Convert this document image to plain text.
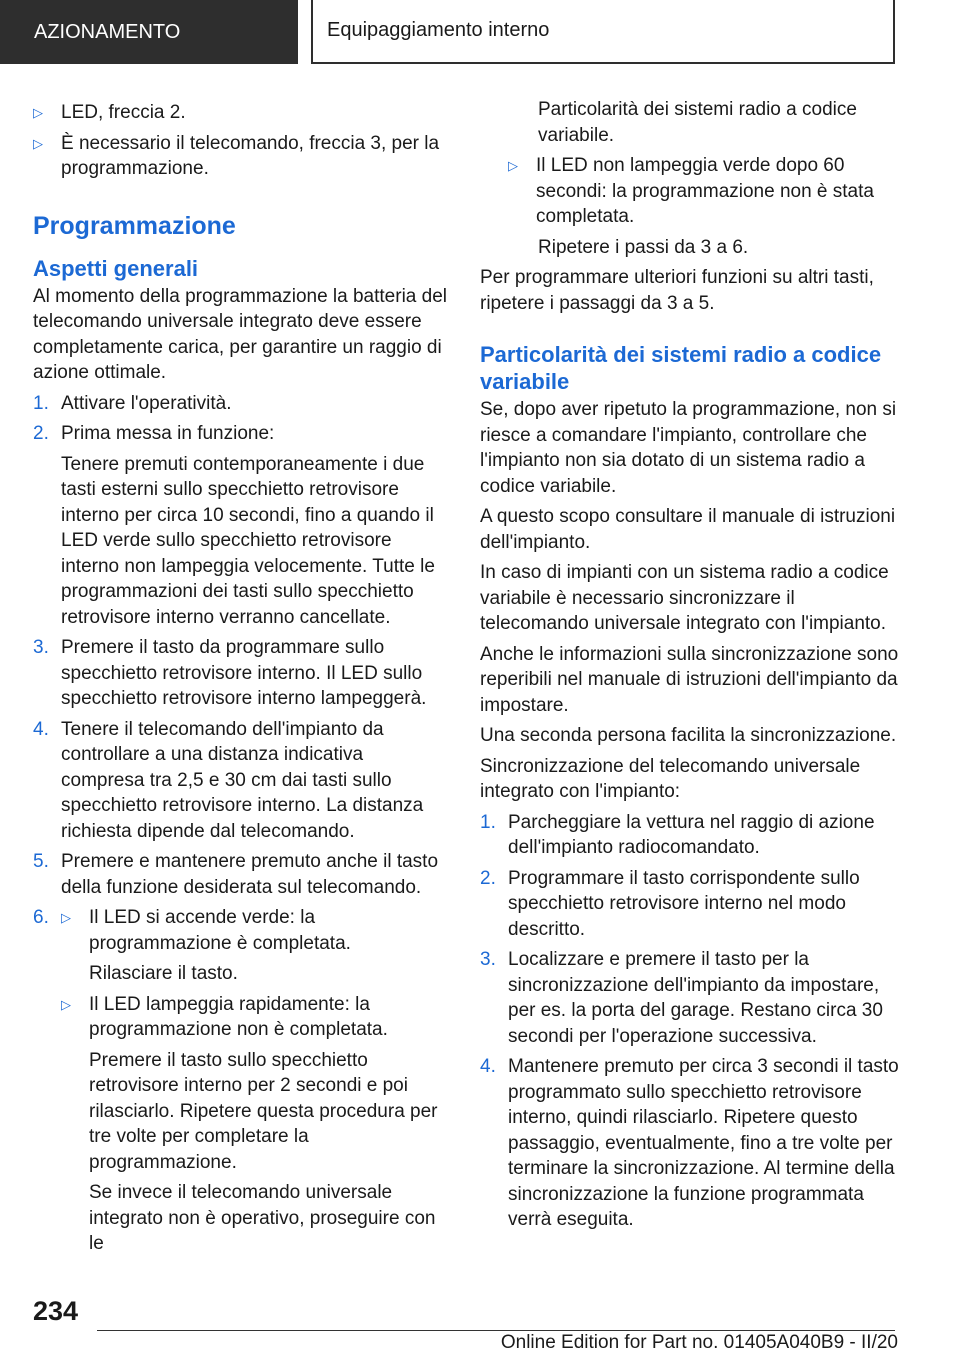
AZIONAMENTO	Equipaggiamento interno
▷ LED, freccia 2.
▷ È necessario il telecomando, freccia 3, per la programmazione.
Programmazione
Aspetti generali

Al momento della programmazione la batteria del telecomando universale integrato deve essere completamente carica, per garantire un raggio di azione ottimale.

1. Attivare l'operatività.
2. Prima messa in funzione:
Tenere premuti contemporaneamente i due tasti esterni sullo specchietto retrovisore interno per circa 10 secondi, fino a quando il LED verde sullo specchietto retrovisore interno non lampeggia velocemente. Tutte le programmazioni dei tasti sullo specchietto retrovisore interno verranno cancellate.
3. Premere il tasto da programmare sullo specchietto retrovisore interno. Il LED sullo specchietto retrovisore interno lampeggerà.
4. Tenere il telecomando dell'impianto da controllare a una distanza indicativa compresa tra 2,5 e 30 cm dai tasti sullo specchietto retrovisore interno. La distanza richiesta dipende dal telecomando.
5. Premere e mantenere premuto anche il tasto della funzione desiderata sul telecomando.
6. ▷ Il LED si accende verde: la programmazione è completata.
Rilasciare il tasto.
▷ Il LED lampeggia rapidamente: la programmazione non è completata.
Premere il tasto sullo specchietto retrovisore interno per 2 secondi e poi rilasciarlo. Ripetere questa procedura per tre volte per completare la programmazione.
Se invece il telecomando universale integrato non è operativo, proseguire con le
Particolarità dei sistemi radio a codice variabile.
▷ Il LED non lampeggia verde dopo 60 secondi: la programmazione non è stata completata.
Ripetere i passi da 3 a 6.

Per programmare ulteriori funzioni su altri tasti, ripetere i passaggi da 3 a 5.

Particolarità dei sistemi radio a codice variabile

Se, dopo aver ripetuto la programmazione, non si riesce a comandare l'impianto, controllare che l'impianto non sia dotato di un sistema radio a codice variabile.

A questo scopo consultare il manuale di istruzioni dell'impianto.

In caso di impianti con un sistema radio a codice variabile è necessario sincronizzare il telecomando universale integrato con l'impianto.

Anche le informazioni sulla sincronizzazione sono reperibili nel manuale di istruzioni dell'impianto da impostare.

Una seconda persona facilita la sincronizzazione.

Sincronizzazione del telecomando universale integrato con l'impianto:

1. Parcheggiare la vettura nel raggio di azione dell'impianto radiocomandato.
2. Programmare il tasto corrispondente sullo specchietto retrovisore interno nel modo descritto.
3. Localizzare e premere il tasto per la sincronizzazione dell'impianto da impostare, per es. la porta del garage. Restano circa 30 secondi per l'operazione successiva.
4. Mantenere premuto per circa 3 secondi il tasto programmato sullo specchietto retrovisore interno, quindi rilasciarlo. Ripetere questo passaggio, eventualmente, fino a tre volte per terminare la sincronizzazione. Al termine della sincronizzazione la funzione programmata verrà eseguita.
234
Online Edition for Part no. 01405A040B9 - II/20
